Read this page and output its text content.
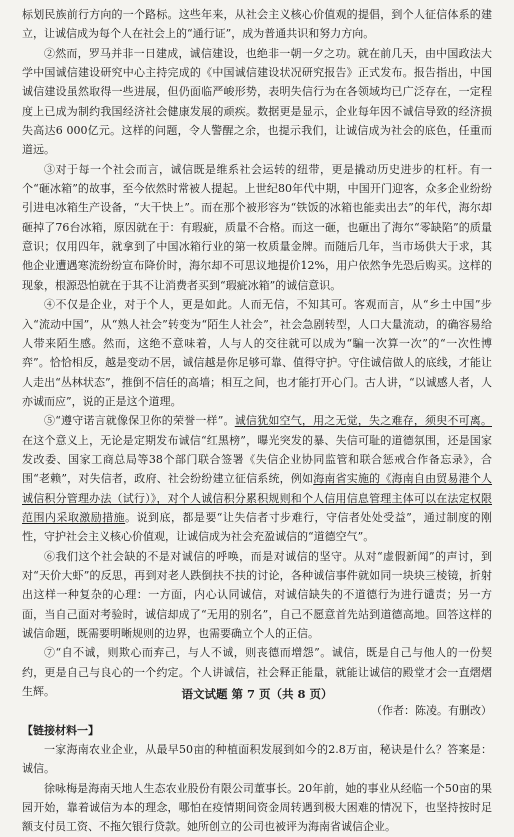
标划民族前行方向的一个路标。这些年来，从社会主义核心价值观的提倡，到个人征信体系的建立，让诚信成为每个人在社会上的“通行证”，成为普通共识和努力方向。

②然而，罗马并非一日建成，诚信建设，也绝非一朝一夕之功。就在前几天，由中国政法大学中国诚信建设研究中心主持完成的《中国诚信建设状况研究报告》正式发布。报告指出，中国诚信建设虽然取得一些进展，但仍面临严峻形势，表明失信行为在各领域均已广泛存在，一定程度上已成为制约我国经济社会健康发展的顽疾。数据更是显示，企业每年因不诚信导致的经济损失高达6 000亿元。这样的问题，令人警醒之余，也提示我们，让诚信成为社会的底色，任重而道远。

③对于每一个社会而言，诚信既是维系社会运转的纽带，更是撬动历史进步的杠杆。有一个“砸冰箱”的故事，至今依然时常被人提起。上世纪80年代中期，中国开门迎客，众多企业纷纷引进电冰箱生产设备，“大干快上”。而在那个被形容为“铁饭的冰箱也能卖出去”的年代，海尔却砸掉了76台冰箱，原因就在于：有瑕疵，质量不合格。而这一砸，也砸出了海尔“零缺陷”的质量意识；仅用四年，就拿到了中国冰箱行业的第一枚质量金牌。而随后几年，当市场供大于求，其他企业遭遇寒流纷纷宣布降价时，海尔却不可思议地提价12%，用户依然争先恐后购买。这样的现象，根源恐怕就在于其不让消费者买到“瑕疵冰箱”的诚信意识。

④不仅是企业，对于个人，更是如此。人而无信，不知其可。客观而言，从“乡土中国”步入“流动中国”，从“熟人社会”转变为“陌生人社会”，社会急剧转型，人口大量流动，的确容易给人带来陌生感。然而，这绝不意味着，人与人的交往就可以成为“騙一次算一次”的“一次性博弈”。恰恰相反，越是变动不居，诚信越是你足够可靠、值得守护。守住诚信做人的底线，才能让人走出“丛林状态”，推倒不信任的高墙；相互之间，也才能打开心门。古人讲，“以诚感人者，人亦诚而应”，说的正是这个道理。

⑤“遵守诺言就像保卫你的荣誉一样”。诚信犹如空气，用之无觉，失之难存，须臾不可离。在这个意义上，无论是定期发布诚信“红黑榜”，曝光突发的暴、失信可耻的道德氛围，还是国家发改委、国家工商总局等38个部门联合签署《失信企业协同监管和联合惩戒合作备忘录》，合围“老赖”，对失信者，政府、社会纷纷建立征信系统，例如海南省实施的《海南自由贸易港个人诚信积分管理办法（试行）》，对个人诚信积分累积规则和个人信用信息管理主体可以在法定权限范围内采取激励措施。说到底，都是要“让失信者寸步难行，守信者处处受益”，通过制度的刚性，守护社会主义核心价值观，让诚信成为社会充盈诚信的“道德空气”。

⑥我们这个社会缺的不是对诚信的呼唤，而是对诚信的坚守。从对“虚假新闻”的声讨，到对“天价大虾”的反思，再到对老人跌倒扶不扶的讨论，各种诚信事件就如同一块块三棱镜，折射出这样一种复杂的心理：一方面，内心认同诚信，对诚信缺失的不道德行为进行谴责；另一方面，当自己面对考验时，诚信却成了“无用的别名”，自己不愿意首先站到道德高地。回答这样的诚信命题，既需要明晰规则的边界，也需要确立个人的正信。

⑦“自不诚，则欺心而弃己，与人不诚，则丧德而增怨”。诚信，既是自己与他人的一份契约，更是自己与良心的一个约定。个人讲诚信，社会释正能量，就能让诚信的殿堂才会一直熠熠生辉。

（作者：陈凌。有删改）

【链接材料一】

一家海南农业企业，从最早50亩的种植面积发展到如今的2.8万亩，秘诀是什么？答案是：诚信。

徐咏梅是海南天地人生态农业股份有限公司董事长。20年前，她的事业从经临一个50亩的果园开始，靠着诚信为本的理念，哪怕在疫情期间资金周转遇到极大困难的情况下，也坚持按时足额支付员工资、不拖欠银行贷款。她所创立的公司也被评为海南省诚信企业。

语文试题 第 7 页（共 8 页）
